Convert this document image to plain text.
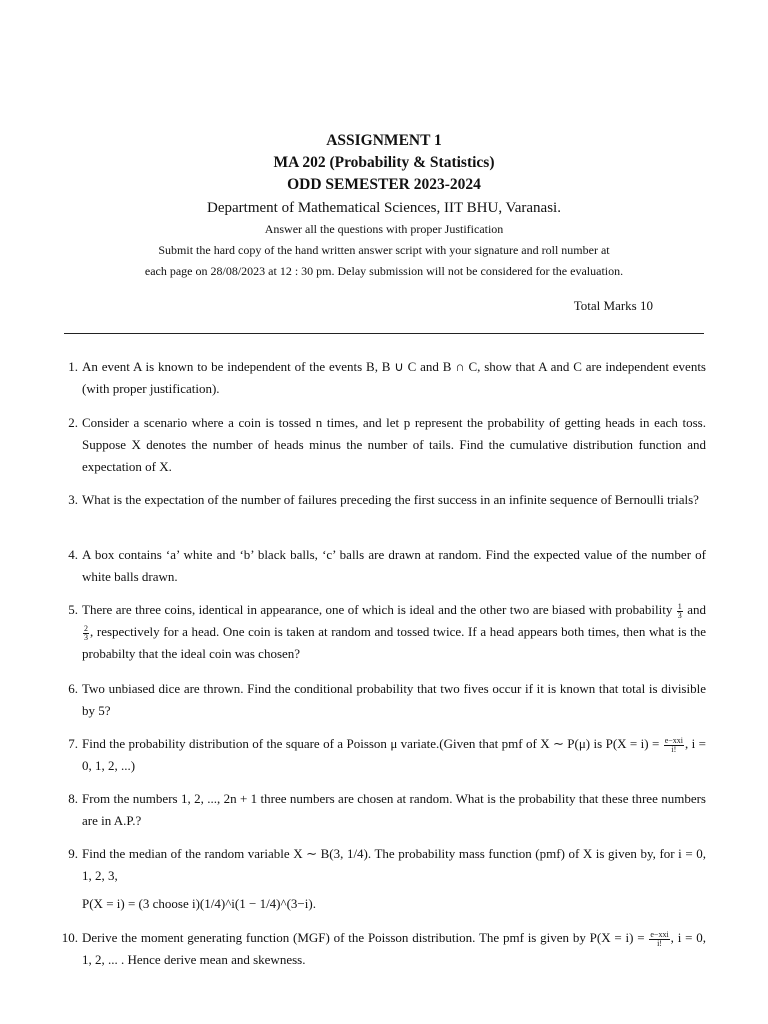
ASSIGNMENT 1
MA 202 (Probability & Statistics)
ODD SEMESTER 2023-2024
Department of Mathematical Sciences, IIT BHU, Varanasi.
Answer all the questions with proper Justification
Submit the hard copy of the hand written answer script with your signature and roll number at
each page on 28/08/2023 at 12 : 30 pm. Delay submission will not be considered for the evaluation.
Total Marks 10
1. An event A is known to be independent of the events B, B ∪ C and B ∩ C, show that A and C are independent events (with proper justification).
2. Consider a scenario where a coin is tossed n times, and let p represent the probability of getting heads in each toss. Suppose X denotes the number of heads minus the number of tails. Find the cumulative distribution function and expectation of X.
3. What is the expectation of the number of failures preceding the first success in an infinite sequence of Bernoulli trials?
4. A box contains ‘a’ white and ‘b’ black balls, ‘c’ balls are drawn at random. Find the expected value of the number of white balls drawn.
5. There are three coins, identical in appearance, one of which is ideal and the other two are biased with probability $\frac{1}{3}$ and
$\frac{2}{3}$ , respectively for a head. One coin is taken at random and tossed twice. If a head appears both times, then what is the probabilty that the ideal coin was chosen?
6. Two unbiased dice are thrown. Find the conditional probability that two fives occur if it is known that total is divisible by 5?
7. Find the probability distribution of the square of a Poisson μ variate.(Given that pmf of X ∼ P(μ) is $P(X = i) = \frac{\text{e−xxi}}{i!}$ , i = 0, 1, 2, ...)
8. From the numbers 1, 2, ..., 2n + 1 three numbers are chosen at random. What is the probability that these three numbers are in A.P.?
9. Find the median of the random variable X ∼ B(3, 1/4). The probability mass function (pmf) of X is given by, for i = 0, 1, 2, 3,
P(X = i) = (3 choose i)(1/4)^i(1 − 1/4)^(3−i).
10. Derive the moment generating function (MGF) of the Poisson distribution. The pmf is given by $P(X = i) = \frac{\text{e−xxi}}{i!}$ , i = 0, 1, 2, ... . Hence derive mean and skewness.
